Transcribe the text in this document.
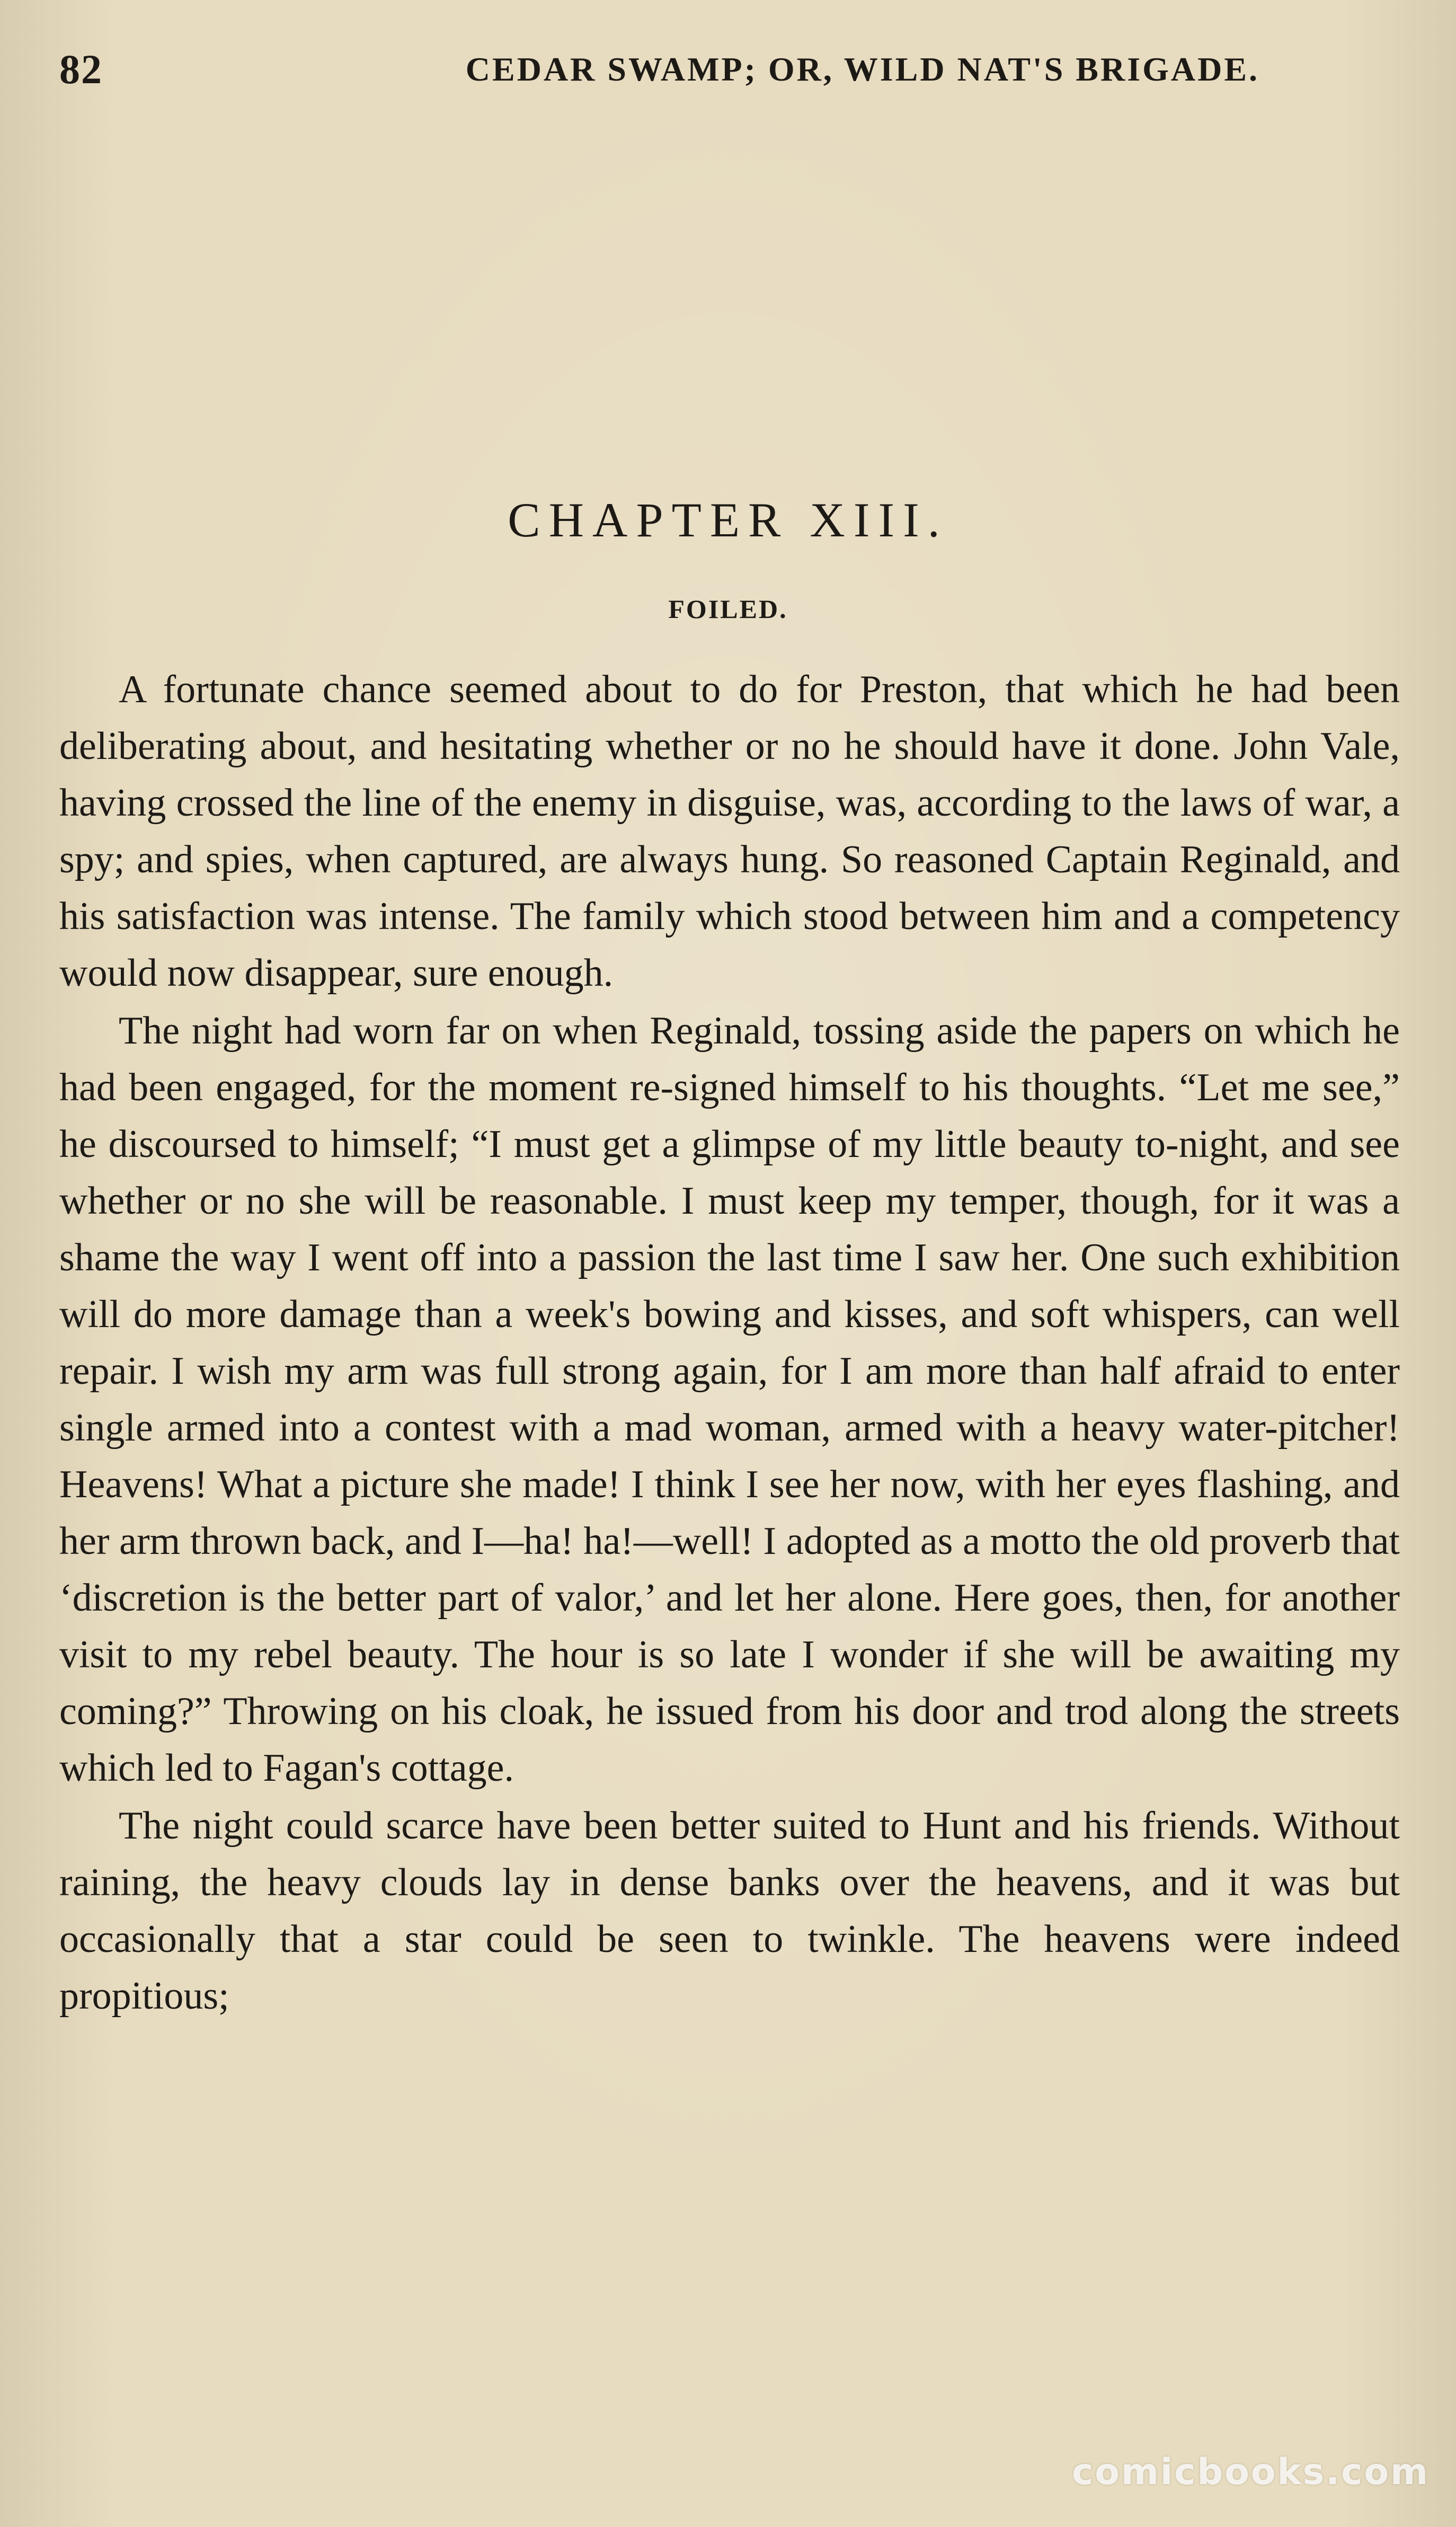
82	CEDAR SWAMP; OR, WILD NAT'S BRIGADE.
CHAPTER XIII.
FOILED.

A fortunate chance seemed about to do for Preston, that which he had been deliberating about, and hesitating whether or no he should have it done. John Vale, having crossed the line of the enemy in disguise, was, according to the laws of war, a spy; and spies, when captured, are always hung. So reasoned Captain Reginald, and his satisfaction was intense. The family which stood between him and a competency would now disappear, sure enough.

The night had worn far on when Reginald, tossing aside the papers on which he had been engaged, for the moment re-signed himself to his thoughts. “Let me see,” he discoursed to himself; “I must get a glimpse of my little beauty to-night, and see whether or no she will be reasonable. I must keep my temper, though, for it was a shame the way I went off into a passion the last time I saw her. One such exhibition will do more damage than a week's bowing and kisses, and soft whispers, can well repair. I wish my arm was full strong again, for I am more than half afraid to enter single armed into a contest with a mad woman, armed with a heavy water-pitcher! Heavens! What a picture she made! I think I see her now, with her eyes flashing, and her arm thrown back, and I—ha! ha!—well! I adopted as a motto the old proverb that ‘discretion is the better part of valor,’ and let her alone. Here goes, then, for another visit to my rebel beauty. The hour is so late I wonder if she will be awaiting my coming?” Throwing on his cloak, he issued from his door and trod along the streets which led to Fagan's cottage.

The night could scarce have been better suited to Hunt and his friends. Without raining, the heavy clouds lay in dense banks over the heavens, and it was but occasionally that a star could be seen to twinkle. The heavens were indeed propitious;

comicbooks.com
